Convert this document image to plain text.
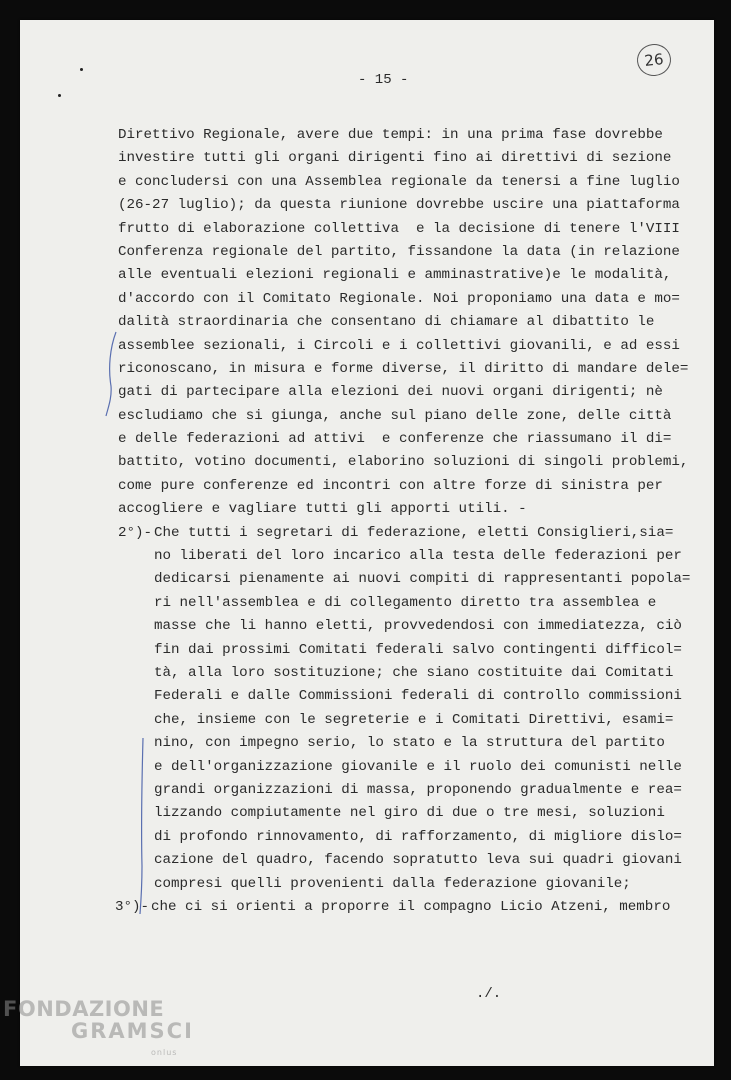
- 15 -
26
Direttivo Regionale, avere due tempi: in una prima fase dovrebbe
investire tutti gli organi dirigenti fino ai direttivi di sezione
e concludersi con una Assemblea regionale da tenersi a fine luglio
(26-27 luglio); da questa riunione dovrebbe uscire una piattaforma
frutto di elaborazione collettiva  e la decisione di tenere l'VIII
Conferenza regionale del partito, fissandone la data (in relazione
alle eventuali elezioni regionali e amminastrative)e le modalità,
d'accordo con il Comitato Regionale. Noi proponiamo una data e mo=
dalità straordinaria che consentano di chiamare al dibattito le
assemblee sezionali, i Circoli e i collettivi giovanili, e ad essi
riconoscano, in misura e forme diverse, il diritto di mandare dele=
gati di partecipare alla elezioni dei nuovi organi dirigenti; nè
escludiamo che si giunga, anche sul piano delle zone, delle città
e delle federazioni ad attivi  e conferenze che riassumano il di=
battito, votino documenti, elaborino soluzioni di singoli problemi,
come pure conferenze ed incontri con altre forze di sinistra per
accogliere e vagliare tutti gli apporti utili. -
2°)- Che tutti i segretari di federazione, eletti Consiglieri,sia=
no liberati del loro incarico alla testa delle federazioni per
dedicarsi pienamente ai nuovi compiti di rappresentanti popola=
ri nell'assemblea e di collegamento diretto tra assemblea e
masse che li hanno eletti, provvedendosi con immediatezza, ciò
fin dai prossimi Comitati federali salvo contingenti difficol=
tà, alla loro sostituzione; che siano costituite dai Comitati
Federali e dalle Commissioni federali di controllo commissioni
che, insieme con le segreterie e i Comitati Direttivi, esami=
nino, con impegno serio, lo stato e la struttura del partito
e dell'organizzazione giovanile e il ruolo dei comunisti nelle
grandi organizzazioni di massa, proponendo gradualmente e rea=
lizzando compiutamente nel giro di due o tre mesi, soluzioni
di profondo rinnovamento, di rafforzamento, di migliore dislo=
cazione del quadro, facendo sopratutto leva sui quadri giovani
compresi quelli provenienti dalla federazione giovanile;
3°)- che ci si orienti a proporre il compagno Licio Atzeni, membro
./.
FONDAZIONE
GRAMSCI
onlus
